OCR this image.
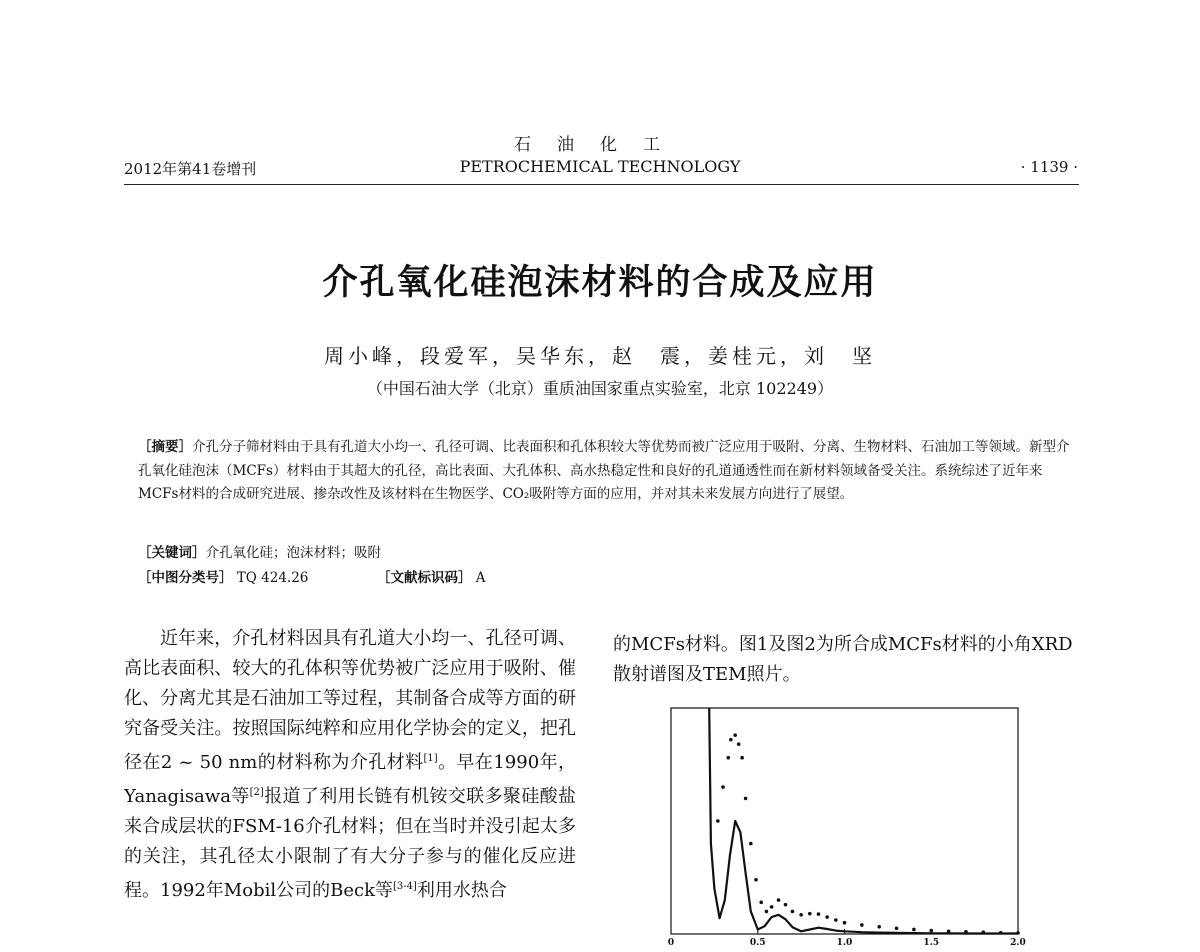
石油化工
PETROCHEMICAL TECHNOLOGY
2012年第41卷增刊	· 1139 ·
介孔氧化硅泡沫材料的合成及应用
周小峰，段爱军，吴华东，赵　震，姜桂元，刘　坚
（中国石油大学（北京）重质油国家重点实验室，北京 102249）

［摘要］介孔分子筛材料由于具有孔道大小均一、孔径可调、比表面积和孔体积较大等优势而被广泛应用于吸附、分离、生物材料、石油加工等领域。新型介孔氧化硅泡沫（MCFs）材料由于其超大的孔径，高比表面、大孔体积、高水热稳定性和良好的孔道通透性而在新材料领域备受关注。系统综述了近年来MCFs材料的合成研究进展、掺杂改性及该材料在生物医学、CO₂吸附等方面的应用，并对其未来发展方向进行了展望。

［关键词］介孔氧化硅；泡沫材料；吸附
［中图分类号］ TQ 424.26	［文献标识码］ A
近年来，介孔材料因具有孔道大小均一、孔径可调、高比表面积、较大的孔体积等优势被广泛应用于吸附、催化、分离尤其是石油加工等过程，其制备合成等方面的研究备受关注。按照国际纯粹和应用化学协会的定义，把孔径在2 ~ 50 nm的材料称为介孔材料[1]。早在1990年，Yanagisawa等[2]报道了利用长链有机铵交联多聚硅酸盐来合成层状的FSM-16介孔材料；但在当时并没引起太多的关注，其孔径太小限制了有大分子参与的催化反应进程。1992年Mobil公司的Beck等[3-4]利用水热合
的MCFs材料。图1及图2为所合成MCFs材料的小角XRD散射谱图及TEM照片。
0	0.5	1.0	1.5	2.0
